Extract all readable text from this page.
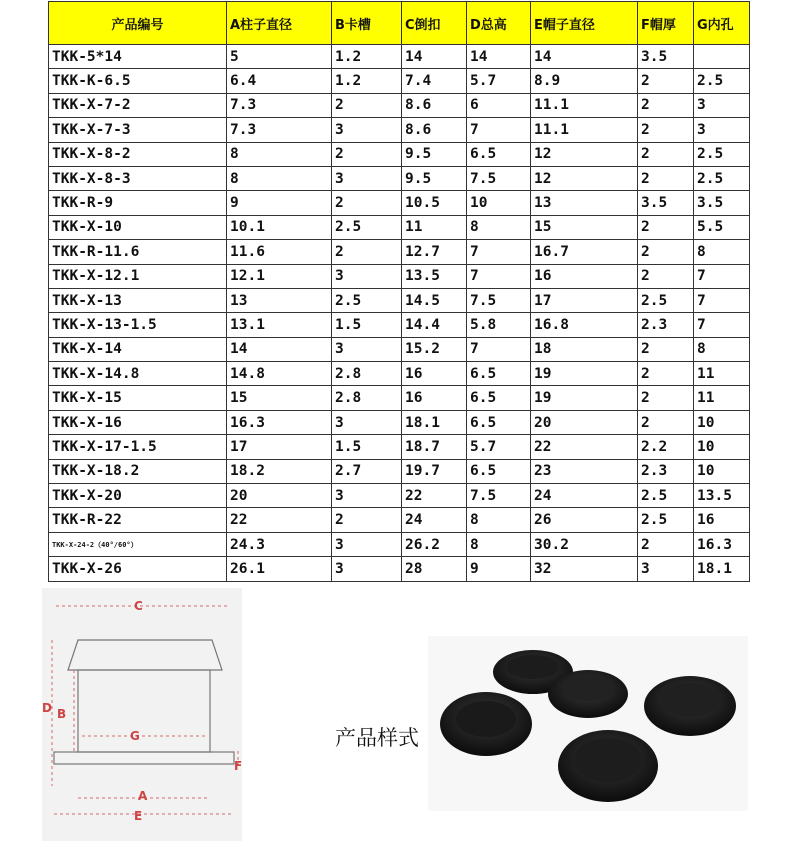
产品编号	A柱子直径	B卡槽	C倒扣	D总高	E帽子直径	F帽厚	G内孔
TKK-5*14	5	1.2	14	14	14	3.5	
TKK-K-6.5	6.4	1.2	7.4	5.7	8.9	2	2.5
TKK-X-7-2	7.3	2	8.6	6	11.1	2	3
TKK-X-7-3	7.3	3	8.6	7	11.1	2	3
TKK-X-8-2	8	2	9.5	6.5	12	2	2.5
TKK-X-8-3	8	3	9.5	7.5	12	2	2.5
TKK-R-9	9	2	10.5	10	13	3.5	3.5
TKK-X-10	10.1	2.5	11	8	15	2	5.5
TKK-R-11.6	11.6	2	12.7	7	16.7	2	8
TKK-X-12.1	12.1	3	13.5	7	16	2	7
TKK-X-13	13	2.5	14.5	7.5	17	2.5	7
TKK-X-13-1.5	13.1	1.5	14.4	5.8	16.8	2.3	7
TKK-X-14	14	3	15.2	7	18	2	8
TKK-X-14.8	14.8	2.8	16	6.5	19	2	11
TKK-X-15	15	2.8	16	6.5	19	2	11
TKK-X-16	16.3	3	18.1	6.5	20	2	10
TKK-X-17-1.5	17	1.5	18.7	5.7	22	2.2	10
TKK-X-18.2	18.2	2.7	19.7	6.5	23	2.3	10
TKK-X-20	20	3	22	7.5	24	2.5	13.5
TKK-R-22	22	2	24	8	26	2.5	16
TKK-X-24-2（40°/60°）	24.3	3	26.2	8	30.2	2	16.3
TKK-X-26	26.1	3	28	9	32	3	18.1
C
D B
G
F
A
E
产品样式
